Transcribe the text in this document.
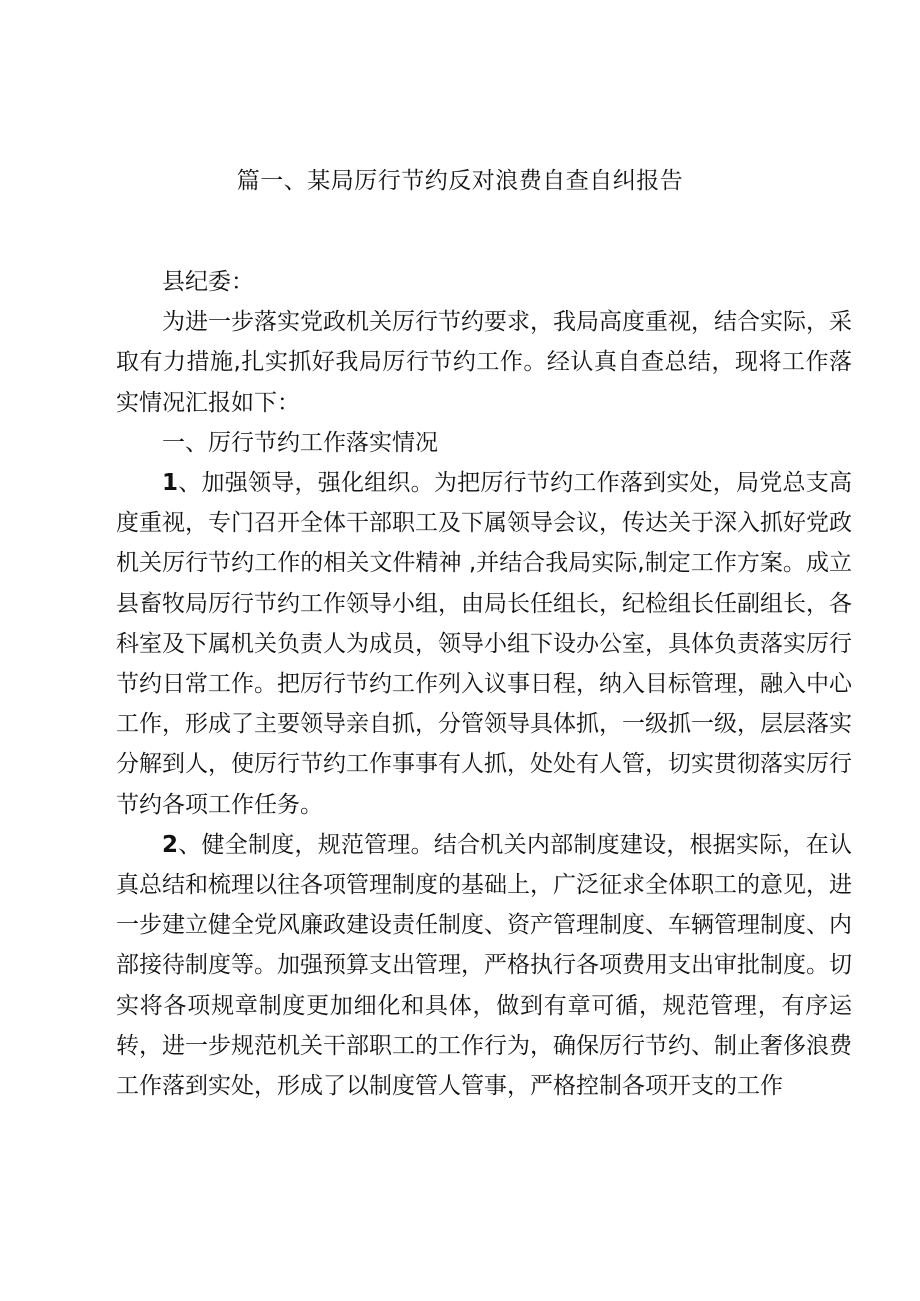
篇一、某局厉行节约反对浪费自查自纠报告

县纪委：

为进一步落实党政机关厉行节约要求，我局高度重视，结合实际，采取有力措施,扎实抓好我局厉行节约工作。经认真自查总结，现将工作落实情况汇报如下：

一、厉行节约工作落实情况

1、加强领导，强化组织。为把厉行节约工作落到实处，局党总支高度重视，专门召开全体干部职工及下属领导会议，传达关于深入抓好党政机关厉行节约工作的相关文件精神 ,并结合我局实际,制定工作方案。成立县畜牧局厉行节约工作领导小组，由局长任组长，纪检组长任副组长，各科室及下属机关负责人为成员，领导小组下设办公室，具体负责落实厉行节约日常工作。把厉行节约工作列入议事日程，纳入目标管理，融入中心工作，形成了主要领导亲自抓，分管领导具体抓，一级抓一级，层层落实分解到人，使厉行节约工作事事有人抓，处处有人管，切实贯彻落实厉行节约各项工作任务。

2、健全制度，规范管理。结合机关内部制度建设，根据实际，在认真总结和梳理以往各项管理制度的基础上，广泛征求全体职工的意见，进一步建立健全党风廉政建设责任制度、资产管理制度、车辆管理制度、内部接待制度等。加强预算支出管理，严格执行各项费用支出审批制度。切实将各项规章制度更加细化和具体，做到有章可循，规范管理，有序运转，进一步规范机关干部职工的工作行为，确保厉行节约、制止奢侈浪费工作落到实处，形成了以制度管人管事，严格控制各项开支的工作
